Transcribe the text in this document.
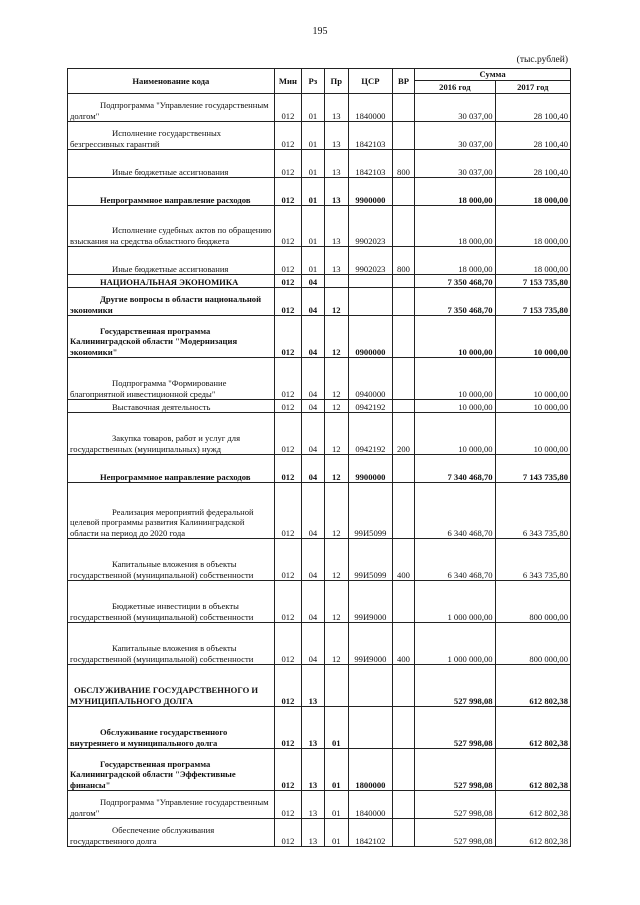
195
(тыс.рублей)
Наименование кода	Мин	Рз	Пр	ЦСР	ВР	Сумма	
						2016 год	2017 год
Подпрограмма "Управление государственным долгом"	012	01	13	1840000		30 037,00	28 100,40
Исполнение государственных безгрессивных гарантий	012	01	13	1842103		30 037,00	28 100,40
Иные бюджетные ассигнования	012	01	13	1842103	800	30 037,00	28 100,40
Непрограммное направление расходов	012	01	13	9900000		18 000,00	18 000,00
Исполнение судебных актов по обращению взыскания на средства областного бюджета	012	01	13	9902023		18 000,00	18 000,00
Иные бюджетные ассигнования	012	01	13	9902023	800	18 000,00	18 000,00
НАЦИОНАЛЬНАЯ ЭКОНОМИКА	012	04				7 350 468,70	7 153 735,80
Другие вопросы в области национальной экономики	012	04	12			7 350 468,70	7 153 735,80
Государственная программа Калининградской области "Модернизация экономики"	012	04	12	0900000		10 000,00	10 000,00
Подпрограмма "Формирование благоприятной инвестиционной среды"	012	04	12	0940000		10 000,00	10 000,00
Выставочная деятельность	012	04	12	0942192		10 000,00	10 000,00
Закупка товаров, работ и услуг для государственных (муниципальных) нужд	012	04	12	0942192	200	10 000,00	10 000,00
Непрограммное направление расходов	012	04	12	9900000		7 340 468,70	7 143 735,80
Реализация мероприятий федеральной целевой программы развития Калининградской области на период до 2020 года	012	04	12	99И5099		6 340 468,70	6 343 735,80
Капитальные вложения в объекты государственной (муниципальной) собственности	012	04	12	99И5099	400	6 340 468,70	6 343 735,80
Бюджетные инвестиции в объекты государственной (муниципальной) собственности	012	04	12	99И9000		1 000 000,00	800 000,00
Капитальные вложения в объекты государственной (муниципальной) собственности	012	04	12	99И9000	400	1 000 000,00	800 000,00
ОБСЛУЖИВАНИЕ ГОСУДАРСТВЕННОГО И МУНИЦИПАЛЬНОГО ДОЛГА	012	13				527 998,08	612 802,38
Обслуживание государственного внутреннего и муниципального долга	012	13	01			527 998,08	612 802,38
Государственная программа Калининградской области "Эффективные финансы"	012	13	01	1800000		527 998,08	612 802,38
Подпрограмма "Управление государственным долгом"	012	13	01	1840000		527 998,08	612 802,38
Обеспечение обслуживания государственного долга	012	13	01	1842102		527 998,08	612 802,38
